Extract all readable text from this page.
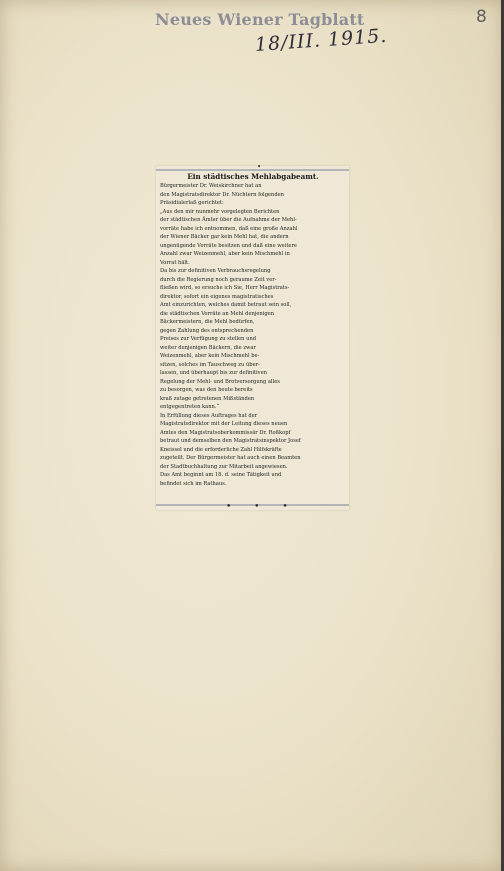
Neues Wiener Tagblatt	8
18/III. 1915.
•
Ein städtisches Mehlabgabeamt.
Bürgermeister Dr. Weiskirchner hat an
den Magistratsdirektor Dr. Nüchtern folgenden
Präsidialerlaß gerichtet:
„Aus den mir nunmehr vorgelegten Berichten
der städtischen Ämter über die Aufnahme der Mehl-
vorräte habe ich entnommen, daß eine große Anzahl
der Wiener Bäcker gar kein Mehl hat, die andern
ungenügende Vorräte besitzen und daß eine weitere
Anzahl zwar Weizenmehl, aber kein Mischmehl in
Vorrat hält.
Da bis zur definitiven Verbrauchsregelung
durch die Regierung noch geraume Zeit ver-
fließen wird, so ersuche ich Sie, Herr Magistrats-
direktor, sofort ein eigenes magistratisches
Amt einzurichten, welches damit betraut sein soll,
die städtischen Vorräte an Mehl denjenigen
Bäckermeistern, die Mehl bedürfen,
gegen Zahlung des entsprechenden
Preises zur Verfügung zu stellen und
weiter denjenigen Bäckern, die zwar
Weizenmehl, aber kein Mischmehl be-
sitzen, solches im Tauschweg zu über-
lassen, und überhaupt bis zur definitiven
Regelung der Mehl- und Brotversorgung alles
zu besorgen, was den heute bereits
kraß zutage getretenen Mißständen
entgegentreten kann.“
In Erfüllung dieses Auftrages hat der
Magistratsdirektor mit der Leitung dieses neuen
Amtes den Magistratsoberkommissär Dr. Roßkopf
betraut und demselben den Magistratsinspektor Josef
Kneissel und die erforderliche Zahl Hilfskräfte
zugeteilt. Der Bürgermeister hat auch einen Beamten
der Stadtbuchhaltung zur Mitarbeit angewiesen.
Das Amt beginnt am 18. d. seine Tätigkeit und
befindet sich im Rathaus.
• • •
